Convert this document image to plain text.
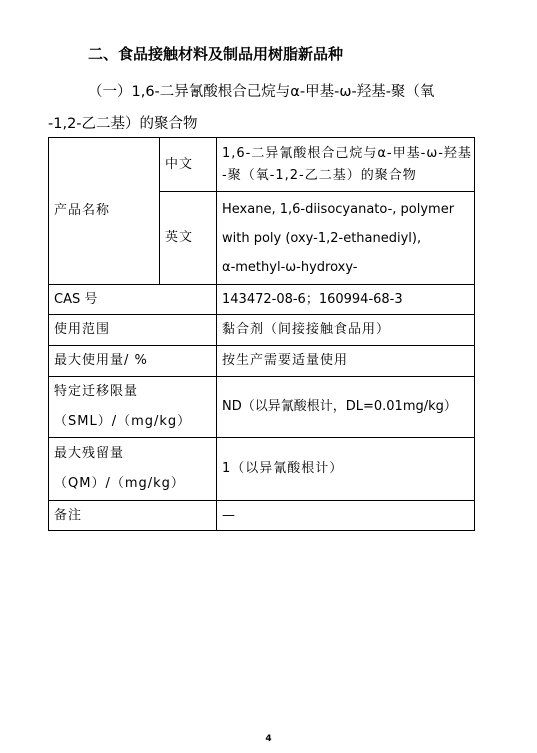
二、食品接触材料及制品用树脂新品种
（一）1,6-二异氰酸根合己烷与α-甲基-ω-羟基-聚（氧
-1,2-乙二基）的聚合物
产品名称	中文	1,6-二异氰酸根合己烷与α-甲基-ω-羟基
-聚（氧-1,2-乙二基）的聚合物

	英文	Hexane, 1,6-diisocyanato-, polymer
with poly (oxy-1,2-ethanediyl),
α-methyl-ω-hydroxy-

CAS 号		143472-08-6；160994-68-3
使用范围		黏合剂（间接接触食品用）
最大使用量/ %		按生产需要适量使用

特定迁移限量
（SML）/（mg/kg）		ND（以异氰酸根计，DL=0.01mg/kg）

最大残留量
（QM）/（mg/kg）		1（以异氰酸根计）
备注		—
4
